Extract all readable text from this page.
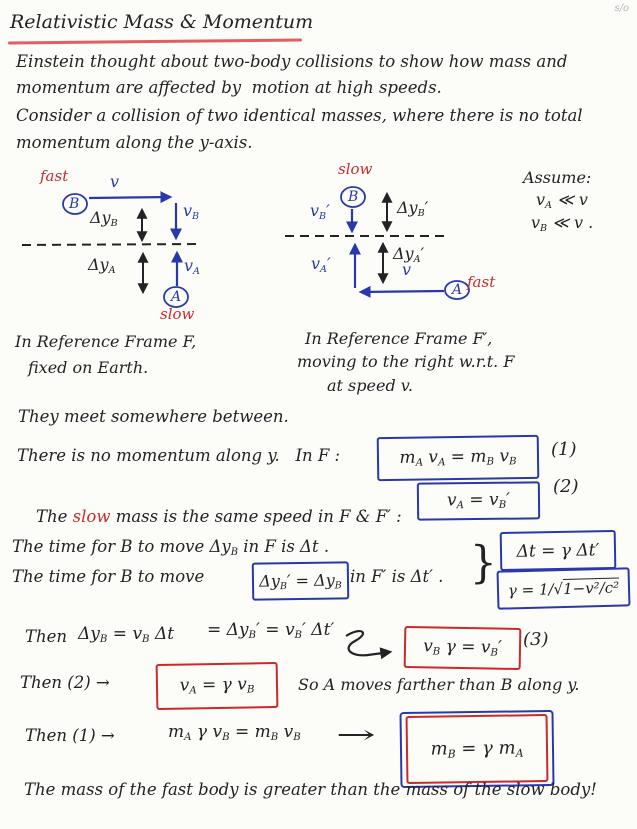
s/o
Relativistic Mass & Momentum
Einstein thought about two-body collisions to show how mass and
momentum are affected by  motion at high speeds.
Consider a collision of two identical masses, where there is no total
momentum along the y-axis.
fast
B
v
$v_B$
$\Delta y_B$
$\Delta y_A$	$v_A$
A
slow
slow
B
$v_B'$	$\Delta y_B'$
$v_A'$
$\Delta y_A'$
v
fast
A
Assume:
$v_A$ ≪ v
$v_B$ ≪ v .
In Reference Frame F,
fixed on Earth.
In Reference Frame F′,
moving to the right w.r.t. F
at speed v.
They meet somewhere between.
There is no momentum along y.   In F :	$m_A$ $v_A = m_B$ $v_B$
(1)

The slow mass is the same speed in F & F′ :

$v_A = v_B'$
(2)
The time for B to move $\Delta y_B$ in F is Δt .
The time for B to move	$\Delta y_B' = \Delta y_B$ in F′ is Δt′ . } Δt = γ Δt′
γ = 1/√1−v²/c²
Then $\Delta y_B = v_B$ $\Delta t = \Delta y_B' = v_B'$ Δt′
$v_B$ $\gamma = v_B'$ (3)
Then (2) →	$v_A = \gamma$ $v_B$	So A moves farther than B along y.
Then (1) →	$m_A$ γ $v_B = m_B$ $v_B$ →	$m_B = \gamma$ $m_A$
The mass of the fast body is greater than the mass of the slow body!
